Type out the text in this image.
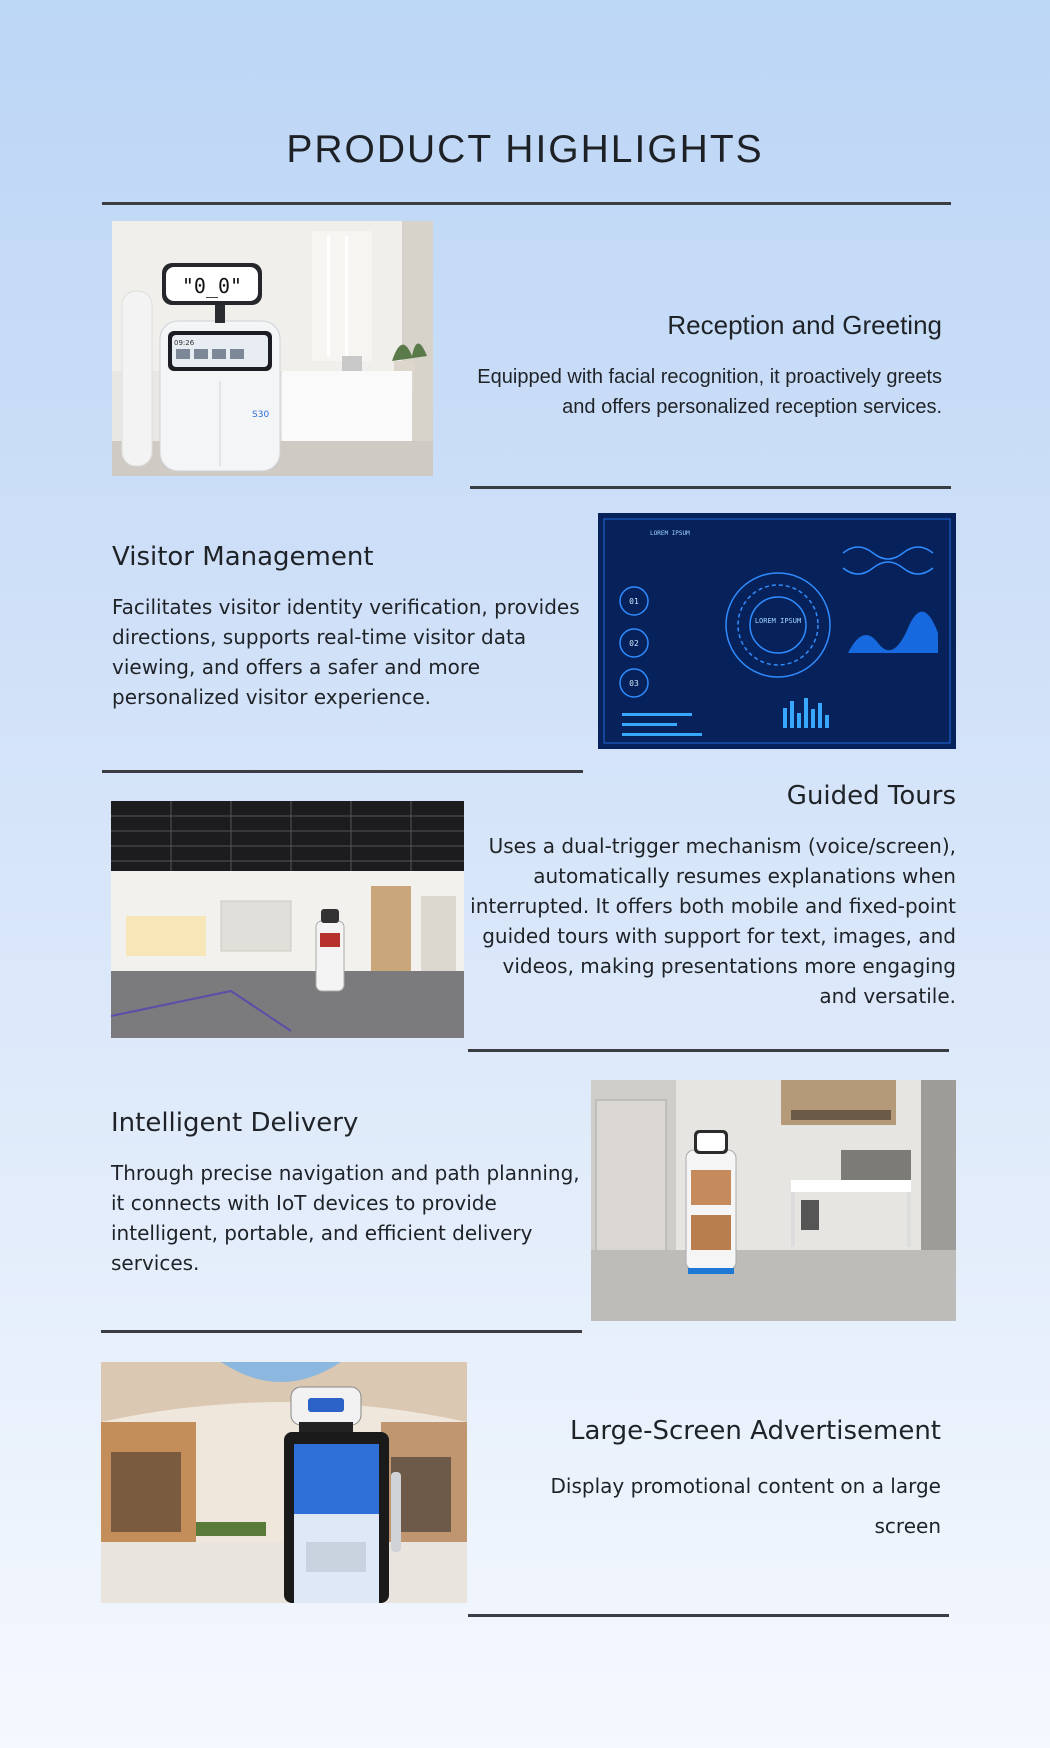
PRODUCT HIGHLIGHTS
09:26
"0_0"
S30
Reception and Greeting
Equipped with facial recognition, it proactively greets and offers personalized reception services.
Visitor Management
Facilitates visitor identity verification, provides directions, supports real-time visitor data viewing, and offers a safer and more personalized visitor experience.
LOREM IPSUM
01
02
03
LOREM IPSUM
Guided Tours
Uses a dual-trigger mechanism (voice/screen), automatically resumes explanations when interrupted. It offers both mobile and fixed-point guided tours with support for text, images, and videos, making presentations more engaging and versatile.
Intelligent Delivery
Through precise navigation and path planning, it connects with IoT devices to provide intelligent, portable, and efficient delivery services.
Large-Screen Advertisement
Display promotional content on a large screen
